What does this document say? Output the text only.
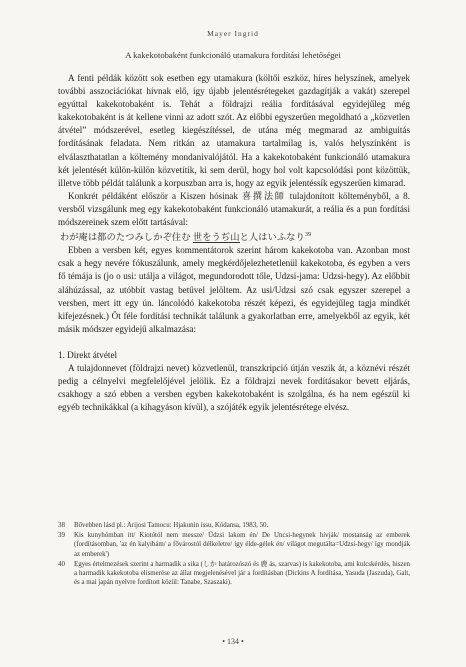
Mayer Ingrid
A kakekotobaként funkcionáló utamakura fordítási lehetőségei

A fenti példák között sok esetben egy utamakura (költői eszköz, híres helyszínek, amelyek további asszociációkat hívnak elő, így újabb jelentésrétegeket gazdagítják a vakát) szerepel egyúttal kakekotobaként is. Tehát a földrajzi reália fordításával egyidejűleg még kakekotobaként is át kellene vinni az adott szót. Az előbbi egyszerűen megoldható a „közvetlen átvétel” módszerével, esetleg kiegészítéssel, de utána még megmarad az ambiguitás fordításának feladata. Nem ritkán az utamakura tartalmilag is, valós helyszínként is elválaszthatatlan a költemény mondanivalójától. Ha a kakekotobaként funkcionáló utamakura két jelentését külön-külön közvetítik, ki sem derül, hogy hol volt kapcsolódási pont közöttük, illetve több példát találunk a korpuszban arra is, hogy az egyik jelentéssík egyszerűen kimarad.

Konkrét példáként először a Kiszen hósinak 喜撰法師 tulajdonított költeményből, a 8. versből vizsgálunk meg egy kakekotobaként funkcionáló utamakurát, a reália és a pun fordítási módszereinek szem előtt tartásával:

わが庵は都のたつみしかぞ住む 世をうぢ山と人はいふなり$^{39}$

Ebben a versben két, egyes kommentátorok szerint három kakekotoba van. Azonban most csak a hegy nevére fókuszálunk, amely megkérdőjelezhetetlenül kakekotoba, és egyben a vers fő témája is (jo o usi: utálja a világot, megundorodott tőle, Udzsi-jama: Udzsi-hegy). Az előbbit aláhúzással, az utóbbit vastag betűvel jelöltem. Az usi/Udzsi szó csak egyszer szerepel a versben, mert itt egy ún. láncolódó kakekotoba részét képezi, és egyidejűleg tagja mindkét kifejezésnek.) Öt féle fordítási technikát találunk a gyakorlatban erre, amelyekből az egyik, két másik módszer egyidejű alkalmazása:

1. Direkt átvétel

A tulajdonnevet (földrajzi nevet) közvetlenül, transzkripció útján veszik át, a köznévi részét pedig a célnyelvi megfelelőjével jelölik. Ez a földrajzi nevek fordításakor bevett eljárás, csakhogy a szó ebben a versben egyben kakekotobaként is szolgálna, és ha nem egészül ki egyéb technikákkal (a kihagyáson kívül), a szójáték egyik jelentésrétege elvész.

38	Bővebben lásd pl.: Arijosi Tamocu: Hjakunin issu, Kódansa, 1983, 50.
39	Kis kunyhómban itt/ Kiotótól nem messze/ Üdzsi lakom én/ De Uncsi-hegynek hívják/ mostanság az emberek (fordításomban, 'az én kalyibám/ a fővárostól délkeletre/ így élde-gélek én/ világot megutálta=Udzsi-hegy/ így mondják az emberek')
40	Egyes értelmezések szerint a harmadik a sika (しか határozószó és 鹿 ás, szarvas) is kakekotoba, ami kulcskérdés, hiszen a harmadik kakekotoba elismerése az állat megjelenésével jár a fordításban (Dickins A fordítása, Yasuda (Jaszuda), Galt, és a mai japán nyelvre fordított közül: Tanabe, Szaszaki).
• 134 •
